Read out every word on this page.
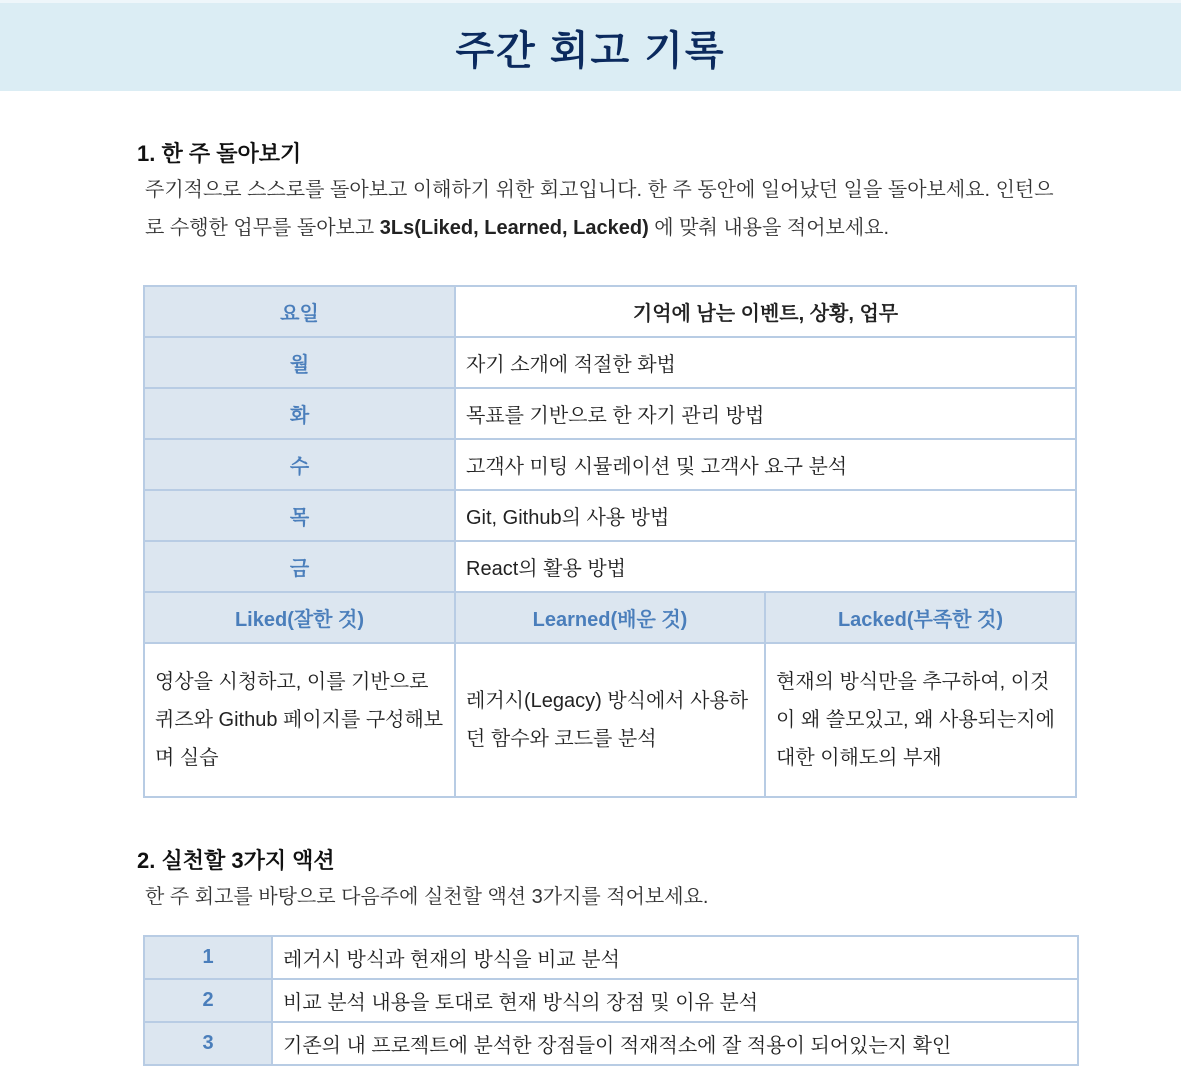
주간 회고 기록
1. 한 주 돌아보기
주기적으로 스스로를 돌아보고 이해하기 위한 회고입니다. 한 주 동안에 일어났던 일을 돌아보세요. 인턴으로 수행한 업무를 돌아보고 3Ls(Liked, Learned, Lacked) 에 맞춰 내용을 적어보세요.
요일	기억에 남는 이벤트, 상황, 업무	
월	자기 소개에 적절한 화법	
화	목표를 기반으로 한 자기 관리 방법	
수	고객사 미팅 시뮬레이션 및 고객사 요구 분석	
목	Git, Github의 사용 방법	
금	React의 활용 방법	
Liked(잘한 것)	Learned(배운 것)	Lacked(부족한 것)
영상을 시청하고, 이를 기반으로 퀴즈와 Github 페이지를 구성해보며 실습	레거시(Legacy) 방식에서 사용하던 함수와 코드를 분석	현재의 방식만을 추구하여, 이것이 왜 쓸모있고, 왜 사용되는지에 대한 이해도의 부재
2. 실천할 3가지 액션
한 주 회고를 바탕으로 다음주에 실천할 액션 3가지를 적어보세요.
1	레거시 방식과 현재의 방식을 비교 분석
2	비교 분석 내용을 토대로 현재 방식의 장점 및 이유 분석
3	기존의 내 프로젝트에 분석한 장점들이 적재적소에 잘 적용이 되어있는지 확인
